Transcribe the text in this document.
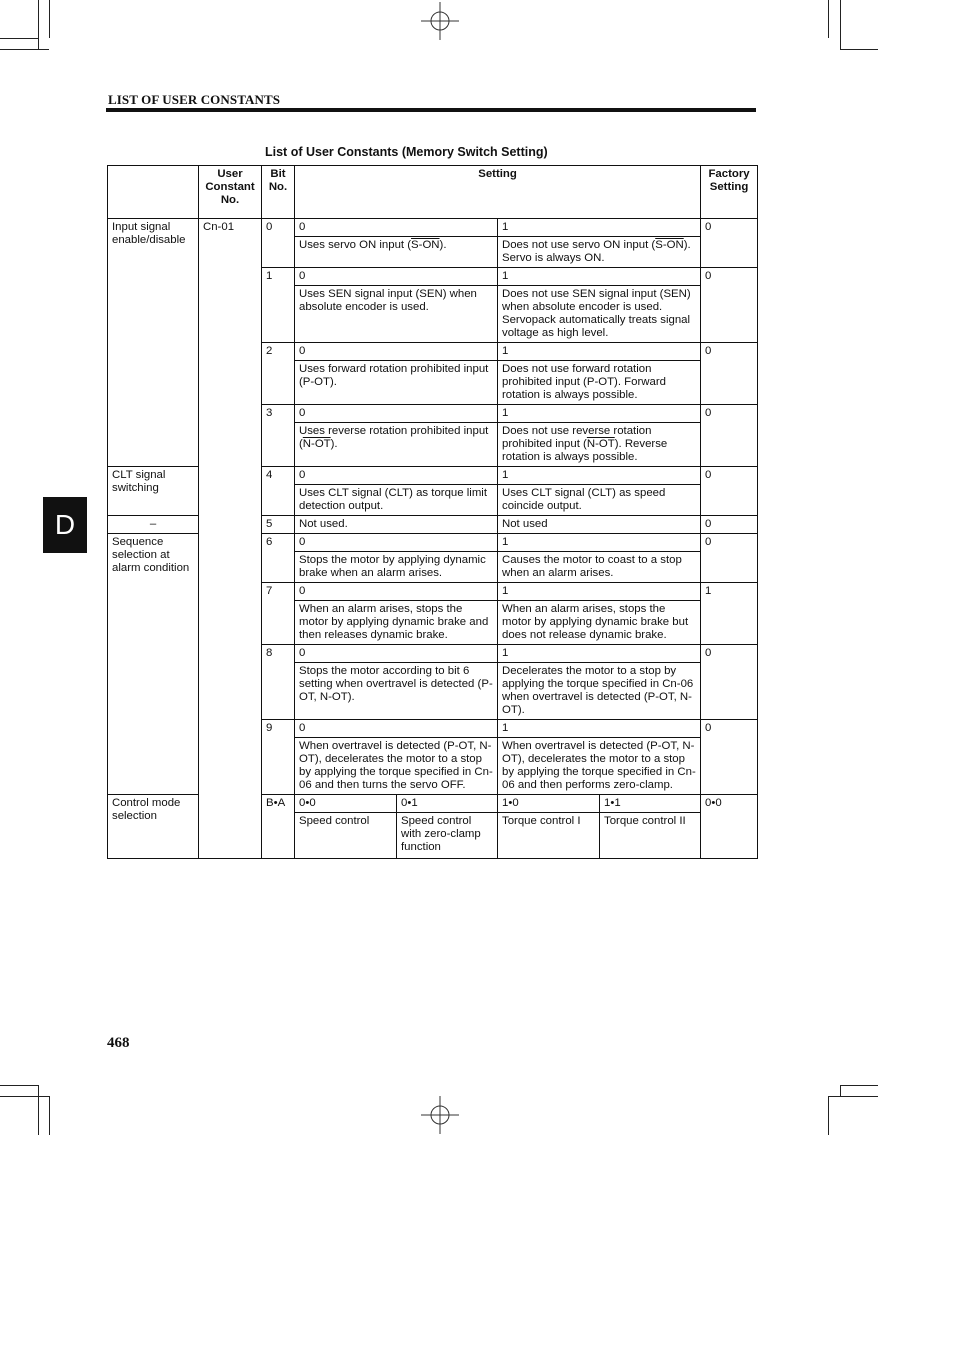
LIST OF USER CONSTANTS
D
List of User Constants (Memory Switch Setting)
	User Constant No.	Bit No.	Setting				Factory Setting
Input signal enable/disable	Cn-01	0	0		1		0
			Uses servo ON input (S-ON).		Does not use servo ON input (S-ON). Servo is always ON.		
		1	0		1		0
			Uses SEN signal input (SEN) when absolute encoder is used.		Does not use SEN signal input (SEN) when absolute encoder is used. Servopack automatically treats signal voltage as high level.		
		2	0		1		0
			Uses forward rotation prohibited input (P-OT).		Does not use forward rotation prohibited input (P-OT). Forward rotation is always possible.		
		3	0		1		0
			Uses reverse rotation prohibited input (N-OT).		Does not use reverse rotation prohibited input (N-OT). Reverse rotation is always possible.		
CLT signal switching		4	0		1		0
			Uses CLT signal (CLT) as torque limit detection output.		Uses CLT signal (CLT) as speed coincide output.		
–		5	Not used.		Not used		0
Sequence selection at alarm condition		6	0		1		0
			Stops the motor by applying dynamic brake when an alarm arises.		Causes the motor to coast to a stop when an alarm arises.		
		7	0		1		1
			When an alarm arises, stops the motor by applying dynamic brake and then releases dynamic brake.		When an alarm arises, stops the motor by applying dynamic brake but does not release dynamic brake.		
		8	0		1		0
			Stops the motor according to bit 6 setting when overtravel is detected (P-OT, N-OT).		Decelerates the motor to a stop by applying the torque specified in Cn-06 when overtravel is detected (P-OT, N-OT).		
		9	0		1		0
			When overtravel is detected (P-OT, N-OT), decelerates the motor to a stop by applying the torque specified in Cn-06 and then turns the servo OFF.		When overtravel is detected (P-OT, N-OT), decelerates the motor to a stop by applying the torque specified in Cn-06 and then performs zero-clamp.		
Control mode selection		B•A	0•0	0•1	1•0	1•1	0•0
			Speed control	Speed control with zero-clamp function	Torque control I	Torque control II	
468
